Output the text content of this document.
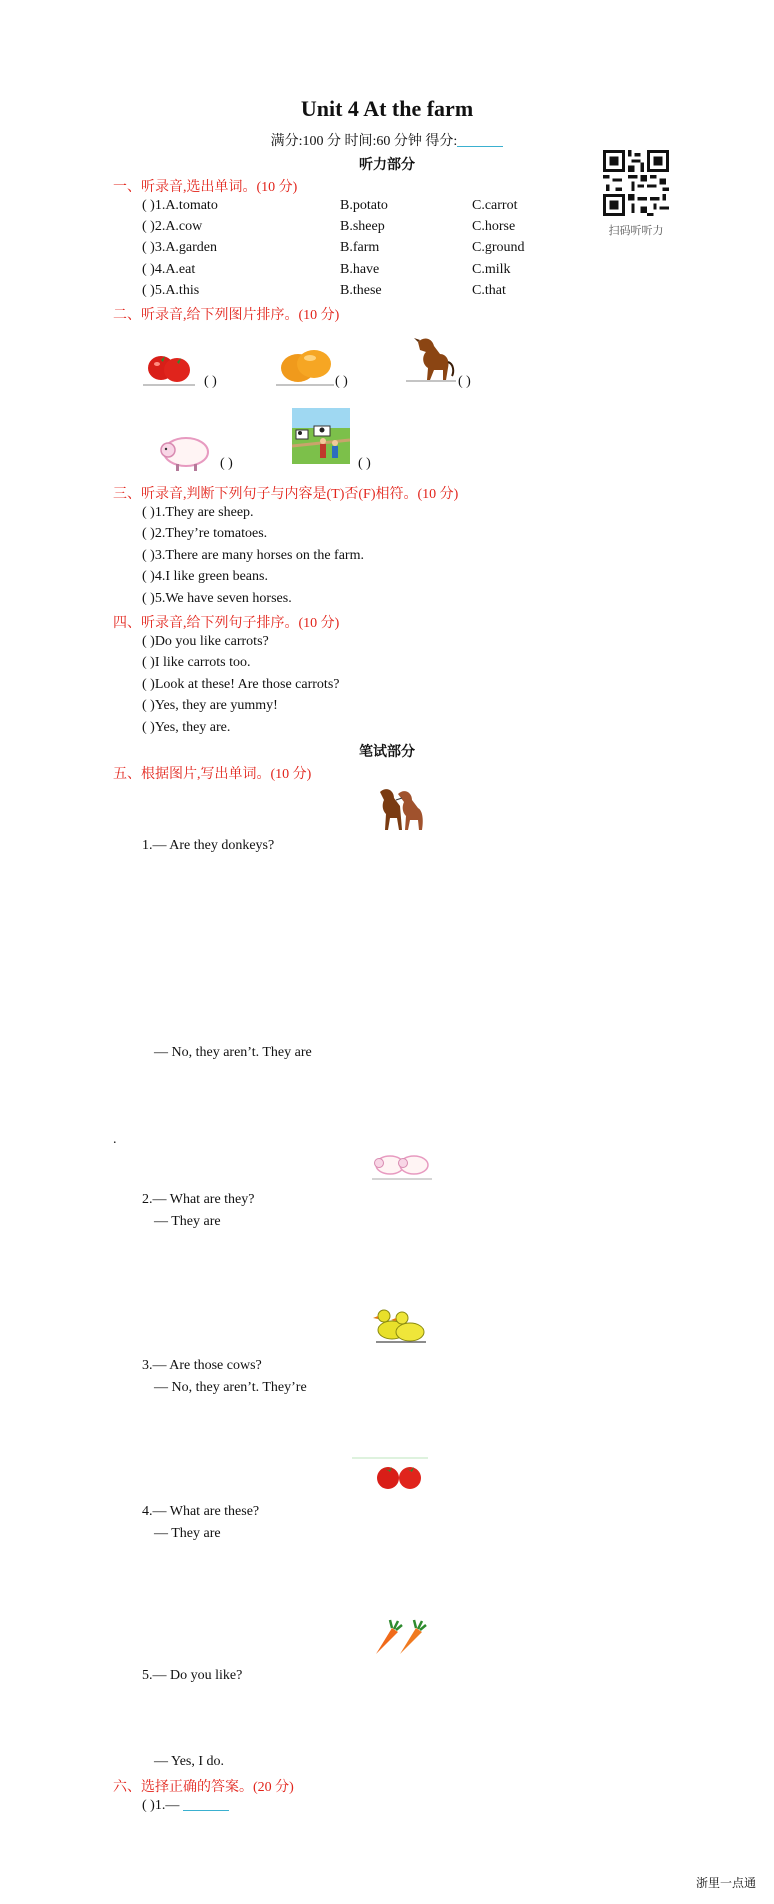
Unit 4 At the farm
满分:100 分 时间:60 分钟 得分:
扫码听听力
听力部分
一、听录音,选出单词。(10 分)
( )1.A.tomato	B.potato	C.carrot
( )2.A.cow	B.sheep	C.horse
( )3.A.garden	B.farm	C.ground
( )4.A.eat	B.have	C.milk
( )5.A.this	B.these	C.that
二、听录音,给下列图片排序。(10 分)
( )	( )	( )
( )	( )
三、听录音,判断下列句子与内容是(T)否(F)相符。(10 分)
( )1.They are sheep.
( )2.They’re tomatoes.
( )3.There are many horses on the farm.
( )4.I like green beans.
( )5.We have seven horses.
四、听录音,给下列句子排序。(10 分)
( )Do you like carrots?
( )I like carrots too.
( )Look at these! Are those carrots?
( )Yes, they are yummy!
( )Yes, they are.
笔试部分
五、根据图片,写出单词。(10 分)
1.— Are they donkeys?
— No, they aren’t. They are
.
2.— What are they?
— They are
3.— Are those cows?
— No, they aren’t. They’re
4.— What are these?
— They are
5.— Do you like?
— Yes, I do.
六、选择正确的答案。(20 分)
( )1.—
浙里一点通
